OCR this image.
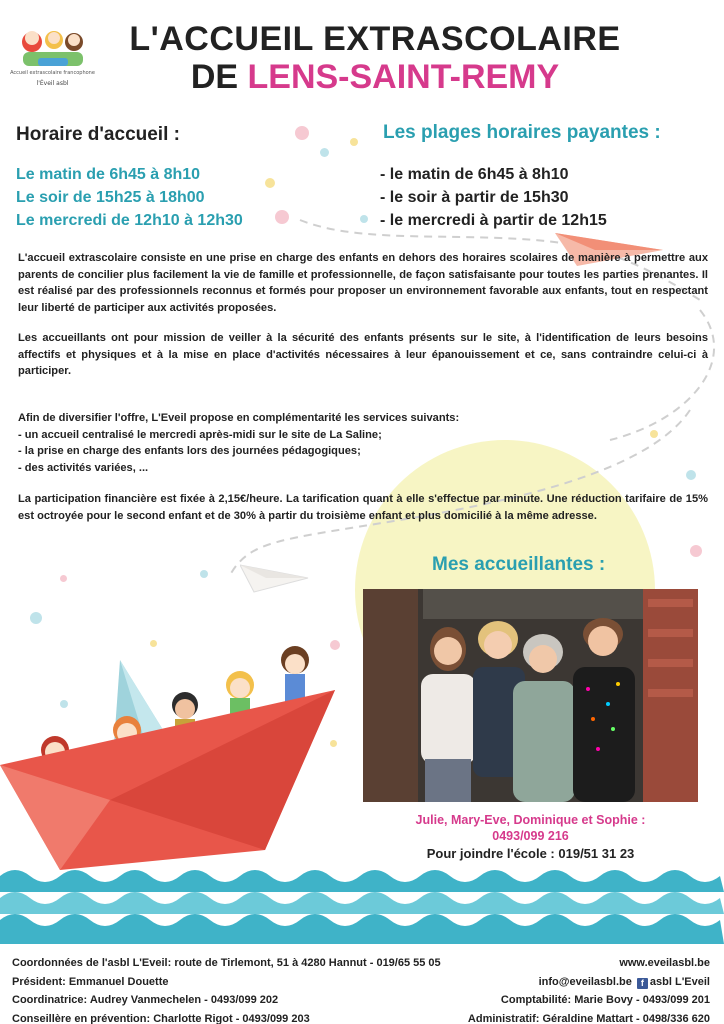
Accueil extrascolaire francophone
l'Éveil asbl
L'ACCUEIL EXTRASCOLAIRE
DE LENS-SAINT-REMY
Horaire d'accueil :	Les plages horaires payantes :
Le matin de 6h45 à 8h10
Le soir de 15h25 à 18h00
Le mercredi de 12h10 à 12h30
- le matin de 6h45 à 8h10
- le soir à partir de 15h30
- le mercredi à partir de 12h15
L'accueil extrascolaire consiste en une prise en charge des enfants en dehors des horaires scolaires de manière à permettre aux parents de concilier plus facilement la vie de famille et professionnelle, de façon satisfaisante pour toutes les parties prenantes. Il est réalisé par des professionnels reconnus et formés pour proposer un environnement favorable aux enfants, tout en respectant leur liberté de participer aux activités proposées.
Les accueillants ont pour mission de veiller à la sécurité des enfants présents sur le site, à l'identification de leurs besoins affectifs et physiques et à la mise en place d'activités nécessaires à leur épanouissement et ce, sans contraindre celui-ci à participer.
Afin de diversifier l'offre, L'Eveil propose en complémentarité les services suivants:
- un accueil centralisé le mercredi après-midi sur le site de La Saline;
- la prise en charge des enfants lors des journées pédagogiques;
- des activités variées, ...
La participation financière est fixée à 2,15€/heure. La tarification quant à elle s'effectue par minute. Une réduction tarifaire de 15% est octroyée pour le second enfant et de 30% à partir du troisième enfant et plus domicilié à la même adresse.
Mes accueillantes :
Julie, Mary-Eve, Dominique et Sophie :
0493/099 216
Pour joindre l'école : 019/51 31 23
Coordonnées de l'asbl L'Eveil: route de Tirlemont, 51 à 4280 Hannut - 019/65 55 05
Président: Emmanuel Douette
Coordinatrice: Audrey Vanmechelen - 0493/099 202
Conseillère en prévention: Charlotte Rigot - 0493/099 203
www.eveilasbl.be
info@eveilasbl.be f asbl L'Eveil
Comptabilité: Marie Bovy - 0493/099 201
Administratif: Géraldine Mattart - 0498/336 620
